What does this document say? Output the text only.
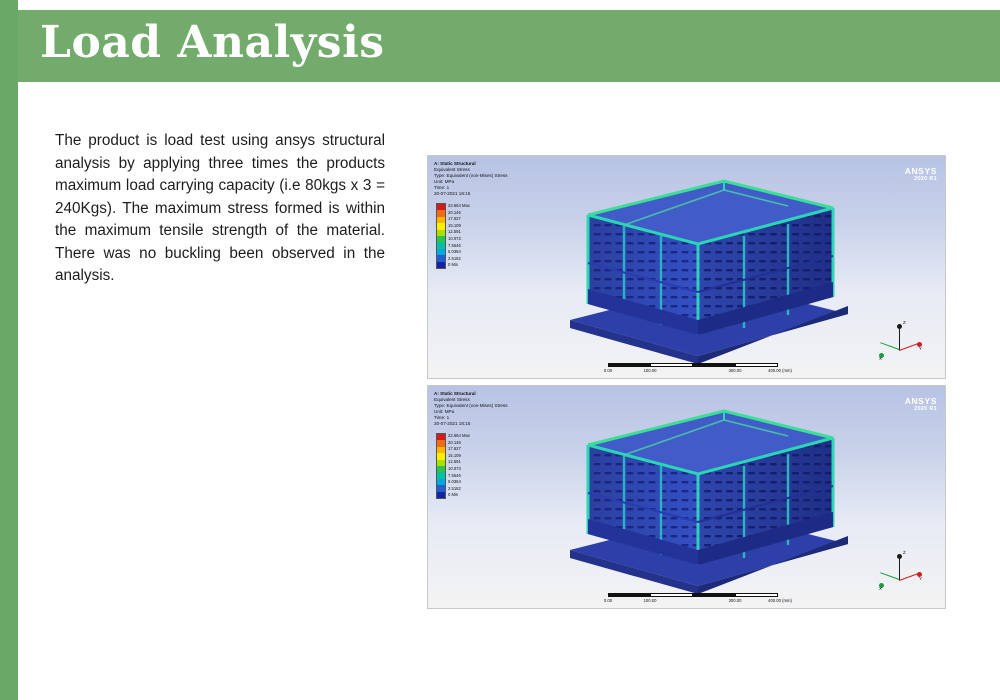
Load Analysis
The product is load test using ansys structural analysis by applying three times the products maximum load carrying capacity (i.e 80kgs x 3 = 240Kgs). The maximum stress formed is within the maximum tensile strength of the material. There was no buckling been observed in the analysis.
A: Static Structural
Equivalent Stress
Type: Equivalent (von-Mises) Stress
Unit: MPa
Time: 1
20-07-2021 18:15
ANSYS
2020 R1
22.664 Max
20.146
17.627
15.109
12.591
10.073
7.5546
5.0364
2.5182
0 Min
0.00	100.00	300.00	400.00 (mm)
Z
X
Y
A: Static Structural
Equivalent Stress
Type: Equivalent (von-Mises) Stress
Unit: MPa
Time: 1
20-07-2021 18:15
ANSYS
2020 R1
22.664 Max
20.146
17.627
15.109
12.591
10.073
7.5546
5.0364
2.5182
0 Min
0.00	100.00	300.00	400.00 (mm)
Z
X
Y
